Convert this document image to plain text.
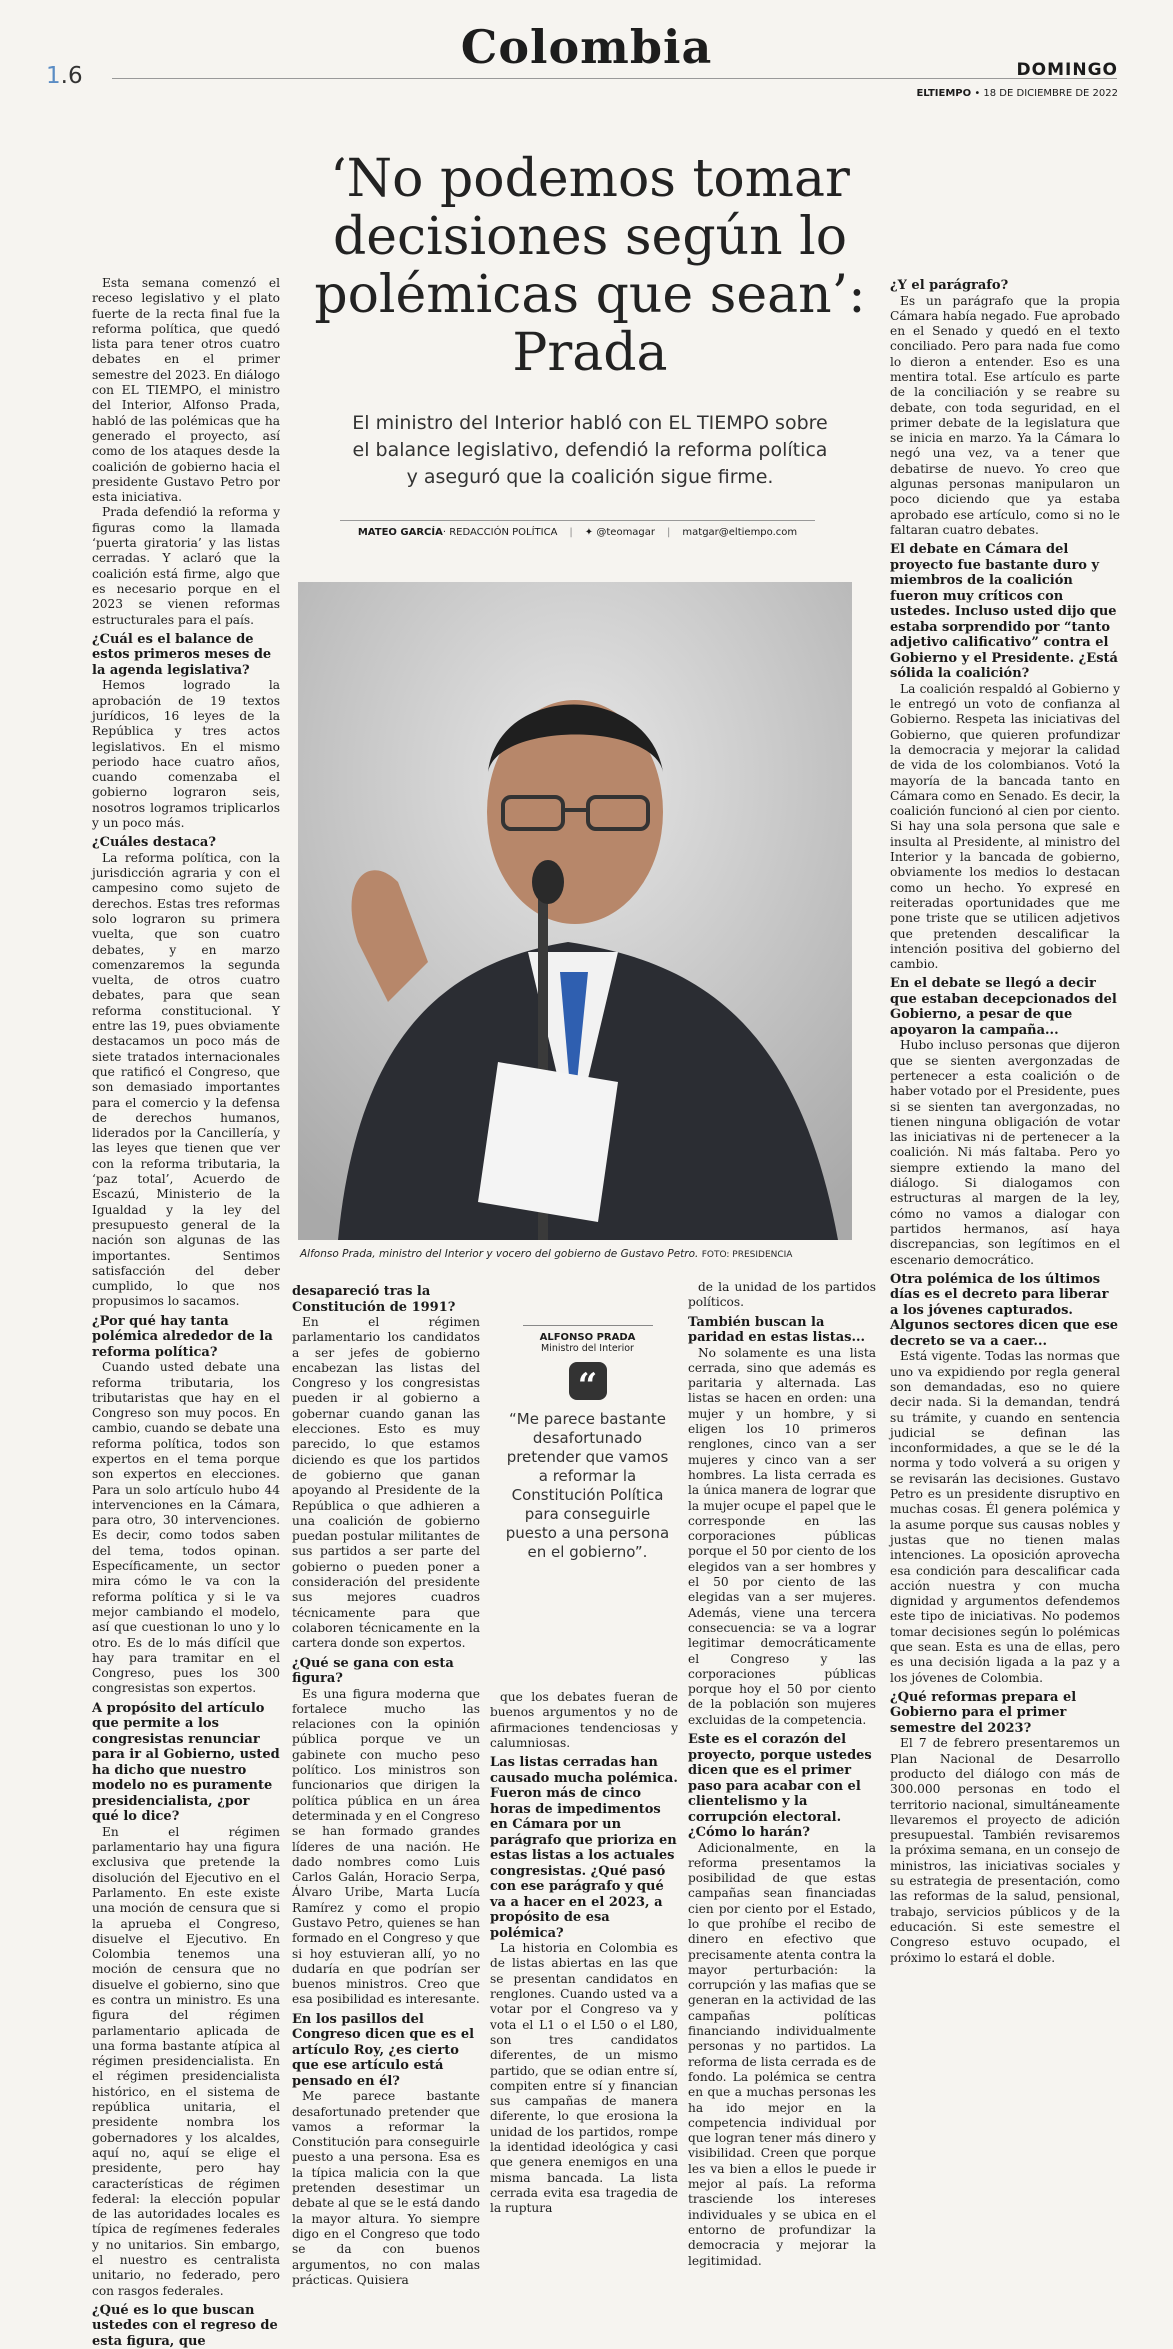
1.6
Colombia	DOMINGO
ELTIEMPO • 18 DE DICIEMBRE DE 2022
‘No podemos tomar decisiones según lo polémicas que sean’: Prada
El ministro del Interior habló con EL TIEMPO sobre el balance legislativo, defendió la reforma política y aseguró que la coalición sigue firme.
MATEO GARCÍA· REDACCIÓN POLÍTICA | ✦ @teomagar | matgar@eltiempo.com
Alfonso Prada, ministro del Interior y vocero del gobierno de Gustavo Petro. FOTO: PRESIDENCIA
ALFONSO PRADA
Ministro del Interior
“
“Me parece bastante desafortunado pretender que vamos a reformar la Constitución Política para conseguirle puesto a una persona en el gobierno”.

Esta semana comenzó el receso legislativo y el plato fuerte de la recta final fue la reforma política, que quedó lista para tener otros cuatro debates en el primer semestre del 2023. En diálogo con EL TIEMPO, el ministro del Interior, Alfonso Prada, habló de las polémicas que ha generado el proyecto, así como de los ataques desde la coalición de gobierno hacia el presidente Gustavo Petro por esta iniciativa.

Prada defendió la reforma y figuras como la llamada ‘puerta giratoria’ y las listas cerradas. Y aclaró que la coalición está firme, algo que es necesario porque en el 2023 se vienen reformas estructurales para el país.

¿Cuál es el balance de estos primeros meses de la agenda legislativa?

Hemos logrado la aprobación de 19 textos jurídicos, 16 leyes de la República y tres actos legislativos. En el mismo periodo hace cuatro años, cuando comenzaba el gobierno lograron seis, nosotros logramos triplicarlos y un poco más.

¿Cuáles destaca?

La reforma política, con la jurisdicción agraria y con el campesino como sujeto de derechos. Estas tres reformas solo lograron su primera vuelta, que son cuatro debates, y en marzo comenzaremos la segunda vuelta, de otros cuatro debates, para que sean reforma constitucional. Y entre las 19, pues obviamente destacamos un poco más de siete tratados internacionales que ratificó el Congreso, que son demasiado importantes para el comercio y la defensa de derechos humanos, liderados por la Cancillería, y las leyes que tienen que ver con la reforma tributaria, la ‘paz total’, Acuerdo de Escazú, Ministerio de la Igualdad y la ley del presupuesto general de la nación son algunas de las importantes. Sentimos satisfacción del deber cumplido, lo que nos propusimos lo sacamos.

¿Por qué hay tanta polémica alrededor de la reforma política?

Cuando usted debate una reforma tributaria, los tributaristas que hay en el Congreso son muy pocos. En cambio, cuando se debate una reforma política, todos son expertos en el tema porque son expertos en elecciones. Para un solo artículo hubo 44 intervenciones en la Cámara, para otro, 30 intervenciones. Es decir, como todos saben del tema, todos opinan. Específicamente, un sector mira cómo le va con la reforma política y si le va mejor cambiando el modelo, así que cuestionan lo uno y lo otro. Es de lo más difícil que hay para tramitar en el Congreso, pues los 300 congresistas son expertos.

A propósito del artículo que permite a los congresistas renunciar para ir al Gobierno, usted ha dicho que nuestro modelo no es puramente presidencialista, ¿por qué lo dice?

En el régimen parlamentario hay una figura exclusiva que pretende la disolución del Ejecutivo en el Parlamento. En este existe una moción de censura que si la aprueba el Congreso, disuelve el Ejecutivo. En Colombia tenemos una moción de censura que no disuelve el gobierno, sino que es contra un ministro. Es una figura del régimen parlamentario aplicada de una forma bastante atípica al régimen presidencialista. En el régimen presidencialista histórico, en el sistema de república unitaria, el presidente nombra los gobernadores y los alcaldes, aquí no, aquí se elige el presidente, pero hay características de régimen federal: la elección popular de las autoridades locales es típica de regímenes federales y no unitarios. Sin embargo, el nuestro es centralista unitario, no federado, pero con rasgos federales.

¿Qué es lo que buscan ustedes con el regreso de esta figura, que
desapareció tras la Constitución de 1991?

En el régimen parlamentario los candidatos a ser jefes de gobierno encabezan las listas del Congreso y los congresistas pueden ir al gobierno a gobernar cuando ganan las elecciones. Esto es muy parecido, lo que estamos diciendo es que los partidos de gobierno que ganan apoyando al Presidente de la República o que adhieren a una coalición de gobierno puedan postular militantes de sus partidos a ser parte del gobierno o pueden poner a consideración del presidente sus mejores cuadros técnicamente para que colaboren técnicamente en la cartera donde son expertos.

¿Qué se gana con esta figura?

Es una figura moderna que fortalece mucho las relaciones con la opinión pública porque ve un gabinete con mucho peso político. Los ministros son funcionarios que dirigen la política pública en un área determinada y en el Congreso se han formado grandes líderes de una nación. He dado nombres como Luis Carlos Galán, Horacio Serpa, Álvaro Uribe, Marta Lucía Ramírez y como el propio Gustavo Petro, quienes se han formado en el Congreso y que si hoy estuvieran allí, yo no dudaría en que podrían ser buenos ministros. Creo que esa posibilidad es interesante.

En los pasillos del Congreso dicen que es el artículo Roy, ¿es cierto que ese artículo está pensado en él?

Me parece bastante desafortunado pretender que vamos a reformar la Constitución para conseguirle puesto a una persona. Esa es la típica malicia con la que pretenden desestimar un debate al que se le está dando la mayor altura. Yo siempre digo en el Congreso que todo se da con buenos argumentos, no con malas prácticas. Quisiera

que los debates fueran de buenos argumentos y no de afirmaciones tendenciosas y calumniosas.

Las listas cerradas han causado mucha polémica. Fueron más de cinco horas de impedimentos en Cámara por un parágrafo que prioriza en estas listas a los actuales congresistas. ¿Qué pasó con ese parágrafo y qué va a hacer en el 2023, a propósito de esa polémica?

La historia en Colombia es de listas abiertas en las que se presentan candidatos en renglones. Cuando usted va a votar por el Congreso va y vota el L1 o el L50 o el L80, son tres candidatos diferentes, de un mismo partido, que se odian entre sí, compiten entre sí y financian sus campañas de manera diferente, lo que erosiona la unidad de los partidos, rompe la identidad ideológica y casi que genera enemigos en una misma bancada. La lista cerrada evita esa tragedia de la ruptura

de la unidad de los partidos políticos.

También buscan la paridad en estas listas...

No solamente es una lista cerrada, sino que además es paritaria y alternada. Las listas se hacen en orden: una mujer y un hombre, y si eligen los 10 primeros renglones, cinco van a ser mujeres y cinco van a ser hombres. La lista cerrada es la única manera de lograr que la mujer ocupe el papel que le corresponde en las corporaciones públicas porque el 50 por ciento de los elegidos van a ser hombres y el 50 por ciento de las elegidas van a ser mujeres. Además, viene una tercera consecuencia: se va a lograr legitimar democráticamente el Congreso y las corporaciones públicas porque hoy el 50 por ciento de la población son mujeres excluidas de la competencia.

Este es el corazón del proyecto, porque ustedes dicen que es el primer paso para acabar con el clientelismo y la corrupción electoral. ¿Cómo lo harán?

Adicionalmente, en la reforma presentamos la posibilidad de que estas campañas sean financiadas cien por ciento por el Estado, lo que prohíbe el recibo de dinero en efectivo que precisamente atenta contra la mayor perturbación: la corrupción y las mafias que se generan en la actividad de las campañas políticas financiando individualmente personas y no partidos. La reforma de lista cerrada es de fondo. La polémica se centra en que a muchas personas les ha ido mejor en la competencia individual por que logran tener más dinero y visibilidad. Creen que porque les va bien a ellos le puede ir mejor al país. La reforma trasciende los intereses individuales y se ubica en el entorno de profundizar la democracia y mejorar la legitimidad.

¿Y el parágrafo?

Es un parágrafo que la propia Cámara había negado. Fue aprobado en el Senado y quedó en el texto conciliado. Pero para nada fue como lo dieron a entender. Eso es una mentira total. Ese artículo es parte de la conciliación y se reabre su debate, con toda seguridad, en el primer debate de la legislatura que se inicia en marzo. Ya la Cámara lo negó una vez, va a tener que debatirse de nuevo. Yo creo que algunas personas manipularon un poco diciendo que ya estaba aprobado ese artículo, como si no le faltaran cuatro debates.

El debate en Cámara del proyecto fue bastante duro y miembros de la coalición fueron muy críticos con ustedes. Incluso usted dijo que estaba sorprendido por “tanto adjetivo calificativo” contra el Gobierno y el Presidente. ¿Está sólida la coalición?

La coalición respaldó al Gobierno y le entregó un voto de confianza al Gobierno. Respeta las iniciativas del Gobierno, que quieren profundizar la democracia y mejorar la calidad de vida de los colombianos. Votó la mayoría de la bancada tanto en Cámara como en Senado. Es decir, la coalición funcionó al cien por ciento. Si hay una sola persona que sale e insulta al Presidente, al ministro del Interior y la bancada de gobierno, obviamente los medios lo destacan como un hecho. Yo expresé en reiteradas oportunidades que me pone triste que se utilicen adjetivos que pretenden descalificar la intención positiva del gobierno del cambio.

En el debate se llegó a decir que estaban decepcionados del Gobierno, a pesar de que apoyaron la campaña...

Hubo incluso personas que dijeron que se sienten avergonzadas de pertenecer a esta coalición o de haber votado por el Presidente, pues si se sienten tan avergonzadas, no tienen ninguna obligación de votar las iniciativas ni de pertenecer a la coalición. Ni más faltaba. Pero yo siempre extiendo la mano del diálogo. Si dialogamos con estructuras al margen de la ley, cómo no vamos a dialogar con partidos hermanos, así haya discrepancias, son legítimos en el escenario democrático.

Otra polémica de los últimos días es el decreto para liberar a los jóvenes capturados. Algunos sectores dicen que ese decreto se va a caer...

Está vigente. Todas las normas que uno va expidiendo por regla general son demandadas, eso no quiere decir nada. Si la demandan, tendrá su trámite, y cuando en sentencia judicial se definan las inconformidades, a que se le dé la norma y todo volverá a su origen y se revisarán las decisiones. Gustavo Petro es un presidente disruptivo en muchas cosas. Él genera polémica y la asume porque sus causas nobles y justas que no tienen malas intenciones. La oposición aprovecha esa condición para descalificar cada acción nuestra y con mucha dignidad y argumentos defendemos este tipo de iniciativas. No podemos tomar decisiones según lo polémicas que sean. Esta es una de ellas, pero es una decisión ligada a la paz y a los jóvenes de Colombia.

¿Qué reformas prepara el Gobierno para el primer semestre del 2023?

El 7 de febrero presentaremos un Plan Nacional de Desarrollo producto del diálogo con más de 300.000 personas en todo el territorio nacional, simultáneamente llevaremos el proyecto de adición presupuestal. También revisaremos la próxima semana, en un consejo de ministros, las iniciativas sociales y su estrategia de presentación, como las reformas de la salud, pensional, trabajo, servicios públicos y de la educación. Si este semestre el Congreso estuvo ocupado, el próximo lo estará el doble.
